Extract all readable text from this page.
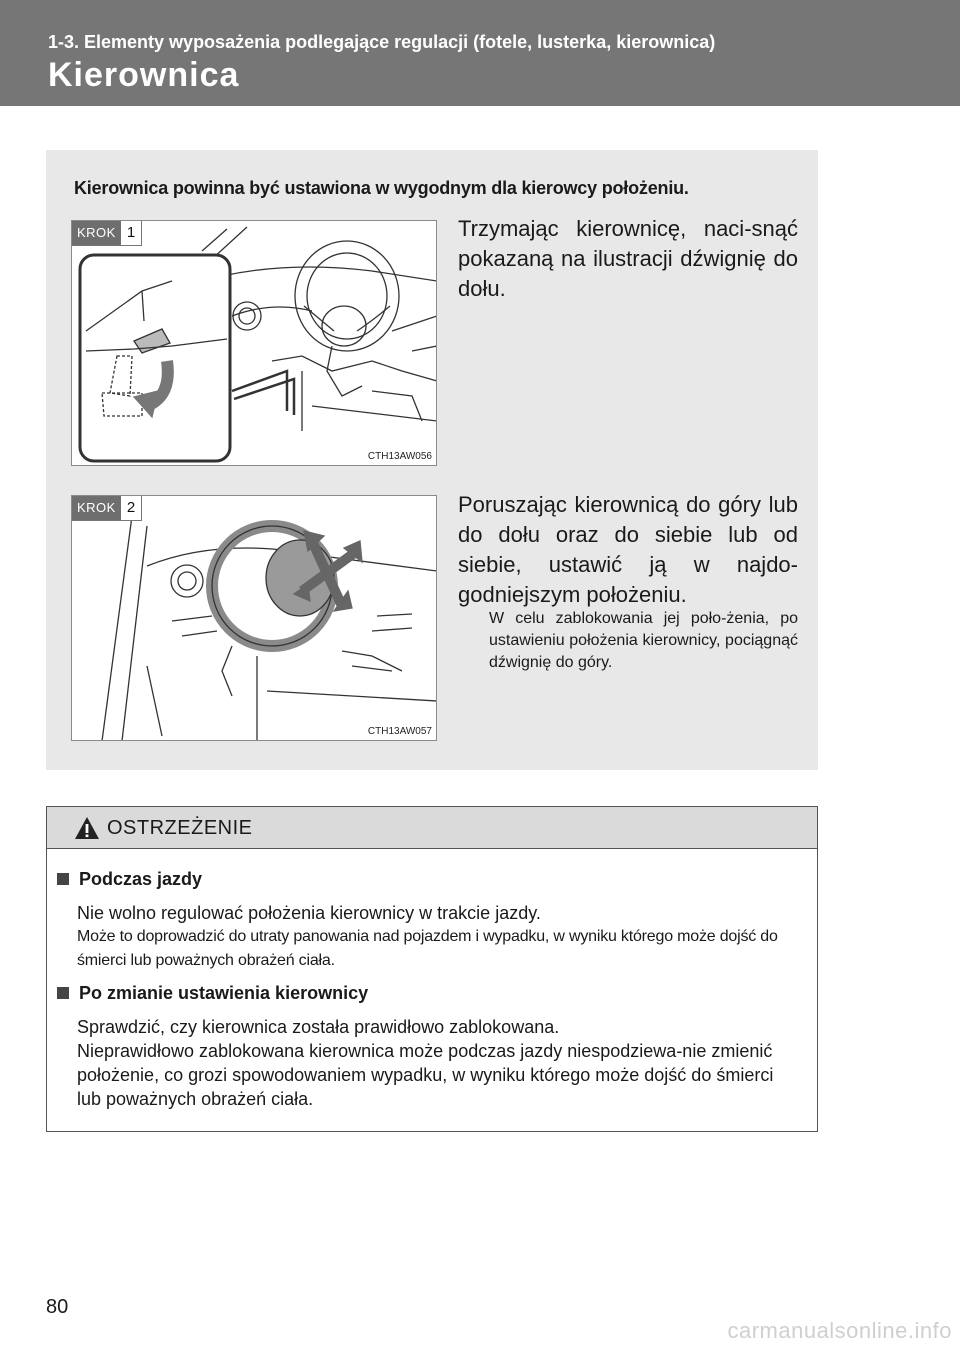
1-3. Elementy wyposażenia podlegające regulacji (fotele, lusterka, kierownica)
Kierownica
Kierownica powinna być ustawiona w wygodnym dla kierowcy położeniu.
KROK 1
CTH13AW056
Trzymając kierownicę, naci-snąć pokazaną na ilustracji dźwignię do dołu.
KROK 2
CTH13AW057
Poruszając kierownicą do góry lub do dołu oraz do siebie lub od siebie, ustawić ją w najdo-godniejszym położeniu.
W celu zablokowania jej poło-żenia, po ustawieniu położenia kierownicy, pociągnąć dźwignię do góry.
OSTRZEŻENIE
Podczas jazdy
Nie wolno regulować położenia kierownicy w trakcie jazdy.
Może to doprowadzić do utraty panowania nad pojazdem i wypadku, w wyniku którego może dojść do śmierci lub poważnych obrażeń ciała.
Po zmianie ustawienia kierownicy
Sprawdzić, czy kierownica została prawidłowo zablokowana.
Nieprawidłowo zablokowana kierownica może podczas jazdy niespodziewa-nie zmienić położenie, co grozi spowodowaniem wypadku, w wyniku którego może dojść do śmierci lub poważnych obrażeń ciała.
80
carmanualsonline.info
